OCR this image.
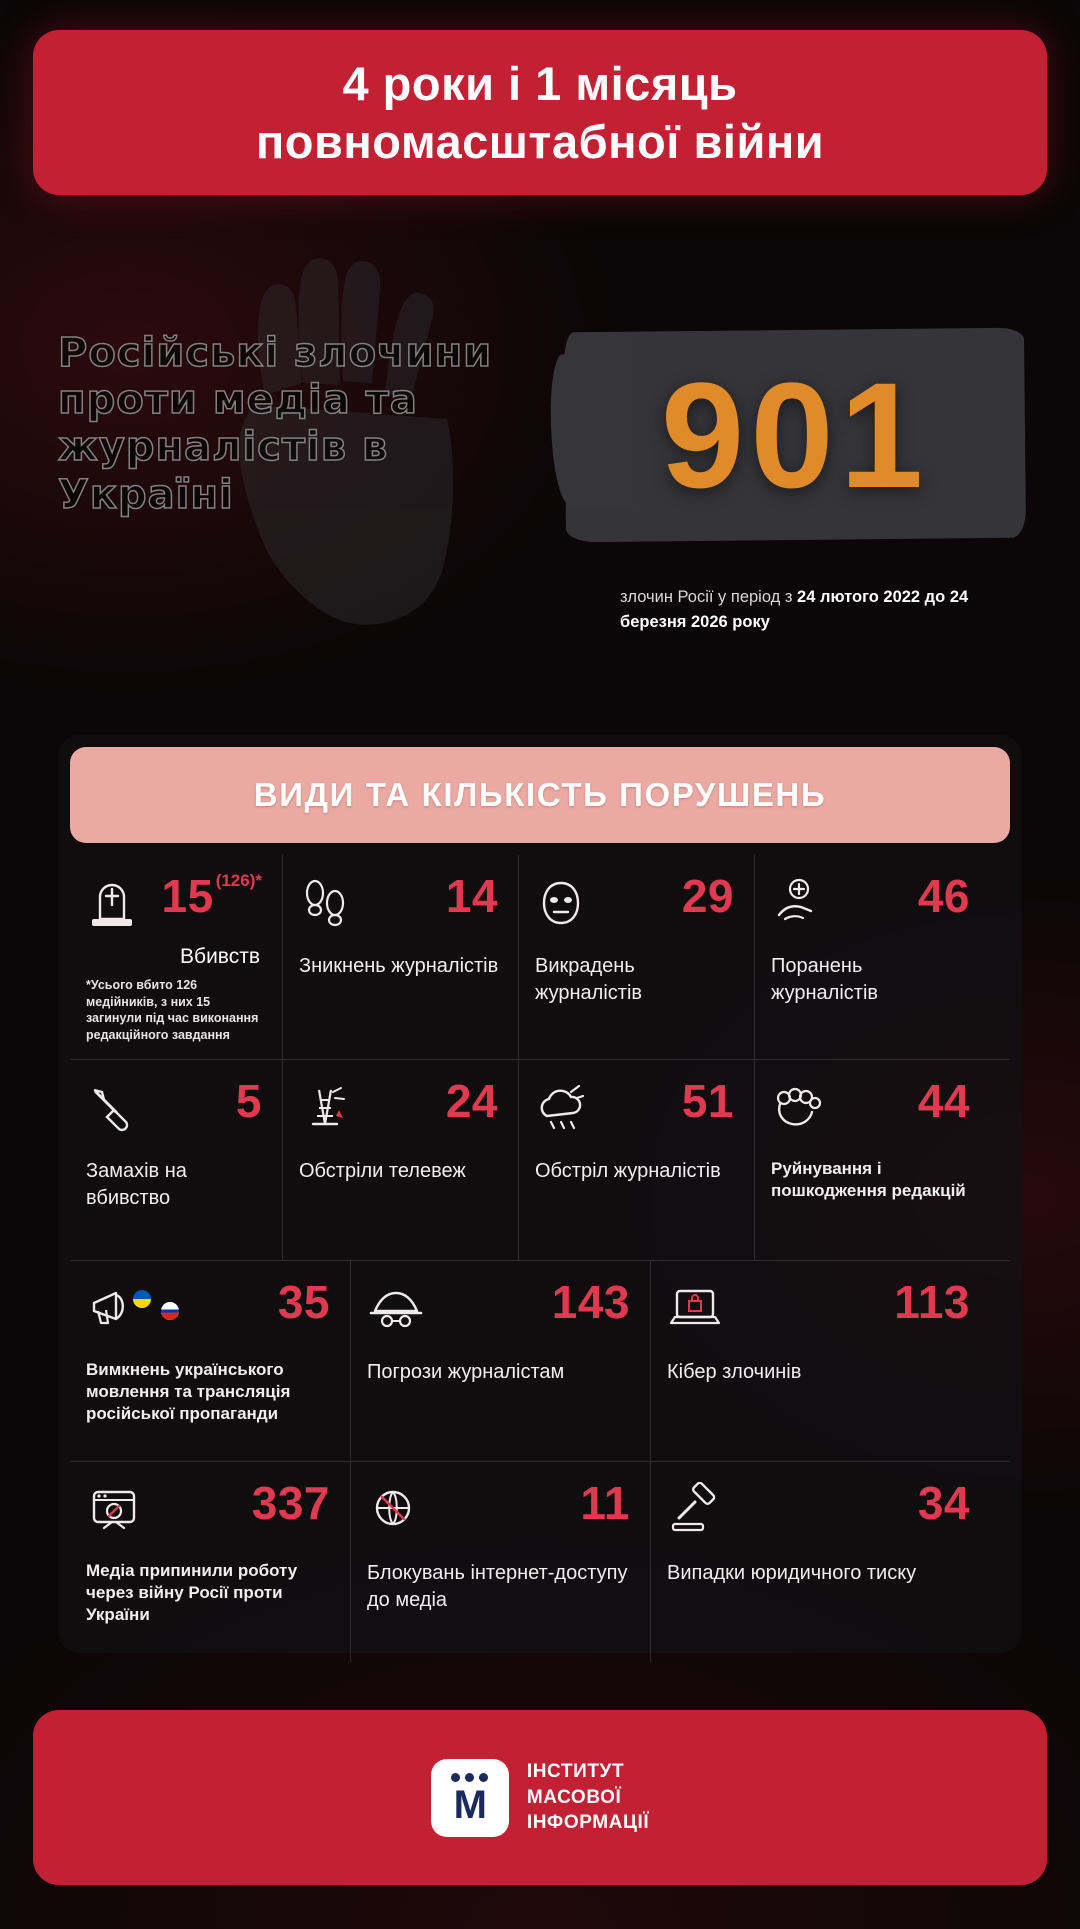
4 роки і 1 місяць
повномасштабної війни
Російські злочини проти медіа та журналістів в Україні	901
злочин Росії у період з 24 лютого 2022 до 24 березня 2026 року
ВИДИ ТА КІЛЬКІСТЬ ПОРУШЕНЬ
15 (126)*
Вбивств
*Усього вбито 126 медійників, з них 15 загинули під час виконання редакційного завдання
14
Зникнень журналістів
29
Викрадень журналістів
46
Поранень журналістів
5
Замахів на вбивство
24
Обстріли телевеж
51
Обстріл журналістів
44
Руйнування і пошкодження редакцій
35
Вимкнень українського мовлення та трансляція російської пропаганди
143
Погрози журналістам
113
Кібер злочинів
337
Медіа припинили роботу через війну Росії проти України
11
Блокувань інтернет-доступу до медіа
34
Випадки юридичного тиску
М
ІНСТИТУТ
МАСОВОЇ
ІНФОРМАЦІЇ
